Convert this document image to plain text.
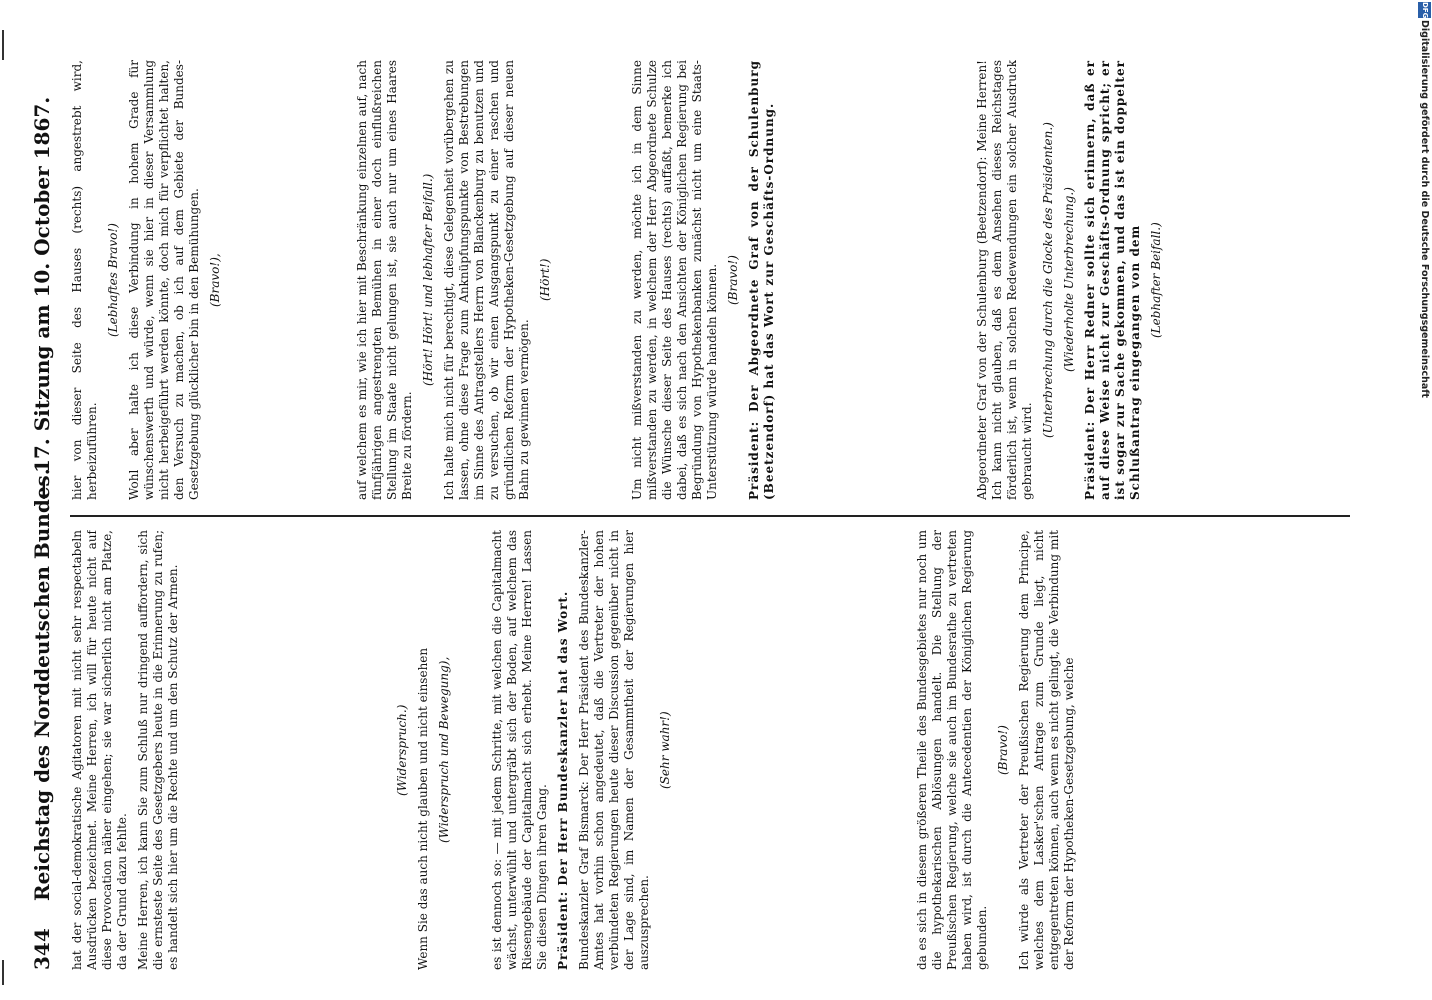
344 Reichstag des Norddeutschen Bundes.
— 17. Sitzung am 10. October 1867.

hat der social-demokratische Agitatoren mit nicht sehr respectabeln Ausdrücken bezeichnet. Meine Herren, ich will für heute nicht auf diese Provocation näher eingehen; sie war sicherlich nicht am Platze, da der Grund dazu fehlte. Meine Herren, ich kann Sie zum Schluß nur dringend auffordern, sich die ernsteste Seite des Gesetzgebers heute in die Erinnerung zu rufen; es handelt sich hier um die Rechte und um den Schutz der Armen.	(Widerspruch.) Wenn Sie das auch nicht glauben und nicht einsehen (Widerspruch und Bewegung),	es ist dennoch so: — mit jedem Schritte, mit welchen die Capitalmacht wächst, unterwühlt und untergräbt sich der Boden, auf welchem das Riesengebäude der Capitalmacht sich erhebt. Meine Herren! Lassen Sie diesen Dingen ihren Gang. Präsident: Der Herr Bundeskanzler hat das Wort. Bundeskanzler Graf Bismarck: Der Herr Präsident des Bundeskanzler-Amtes hat vorhin schon angedeutet, daß die Vertreter der hohen verbündeten Regierungen heute dieser Discussion gegenüber nicht in der Lage sind, im Namen der Gesammtheit der Regierungen hier auszusprechen.

(Sehr wahr!)	da es sich in diesem größeren Theile des Bundesgebietes nur noch um die hypothekarischen Ablösungen handelt. Die Stellung der Preußischen Regierung, welche sie auch im Bundesrathe zu vertreten haben wird, ist durch die Antecedentien der Königlichen Regierung gebunden.

(Bravo!) Ich würde als Vertreter der Preußischen Regierung dem Principe, welches dem Lasker'schen Antrage zum Grunde liegt, nicht entgegentreten können, auch wenn es nicht gelingt, die Verbindung mit der Reform der Hypotheken-Gesetzgebung, welche

hier von dieser Seite des Hauses (rechts) angestrebt wird, herbeizuführen.

(Lebhaftes Bravo!) Wohl aber halte ich diese Verbindung in hohem Grade für wünschenswerth und würde, wenn sie hier in dieser Versammlung nicht herbeigeführt werden könnte, doch mich für verpflichtet halten, den Versuch zu machen, ob ich auf dem Gebiete der Bundes-Gesetzgebung glücklicher bin in den Bemühungen. (Bravo!),	auf welchem es mir, wie ich hier mit Beschränkung einzelnen auf, nach fünfjährigen angestrengten Bemühen in einer doch einflußreichen Stellung im Staate nicht gelungen ist, sie auch nur um eines Haares Breite zu fördern.

(Hört! Hört! und lebhafter Beifall.) Ich halte mich nicht für berechtigt, diese Gelegenheit vorübergehen zu lassen, ohne diese Frage zum Anknüpfungspunkte von Bestrebungen im Sinne des Antragstellers Herrn von Blanckenburg zu benutzen und zu versuchen, ob wir einen Ausgangspunkt zu einer raschen und gründlichen Reform der Hypotheken-Gesetzgebung auf dieser neuen Bahn zu gewinnen vermögen.

(Hört!)	Um nicht mißverstanden zu werden, möchte ich in dem Sinne mißverstanden zu werden, in welchem der Herr Abgeordnete Schulze die Wünsche dieser Seite des Hauses (rechts) auffaßt, bemerke ich dabei, daß es sich nach den Ansichten der Königlichen Regierung bei Begründung von Hypothekenbanken zunächst nicht um eine Staats-Unterstützung würde handeln können. (Bravo!) Präsident: Der Abgeordnete Graf von der Schulenburg (Beetzendorf) hat das Wort zur Geschäfts-Ordnung.	Abgeordneter Graf von der Schulenburg (Beetzendorf): Meine Herren! Ich kann nicht glauben, daß es dem Ansehen dieses Reichstages förderlich ist, wenn in solchen Redewendungen ein solcher Ausdruck gebraucht wird.

(Unterbrechung durch die Glocke des Präsidenten.) (Wiederholte Unterbrechung.) Präsident: Der Herr Redner sollte sich erinnern, daß er auf diese Weise nicht zur Geschäfts-Ordnung spricht; er ist sogar zur Sache gekommen, und das ist ein doppelter Schlußantrag eingegangen von dem (Lebhafter Beifall.)

DFG
Digitalisierung gefördert durch die Deutsche Forschungsgemeinschaft
